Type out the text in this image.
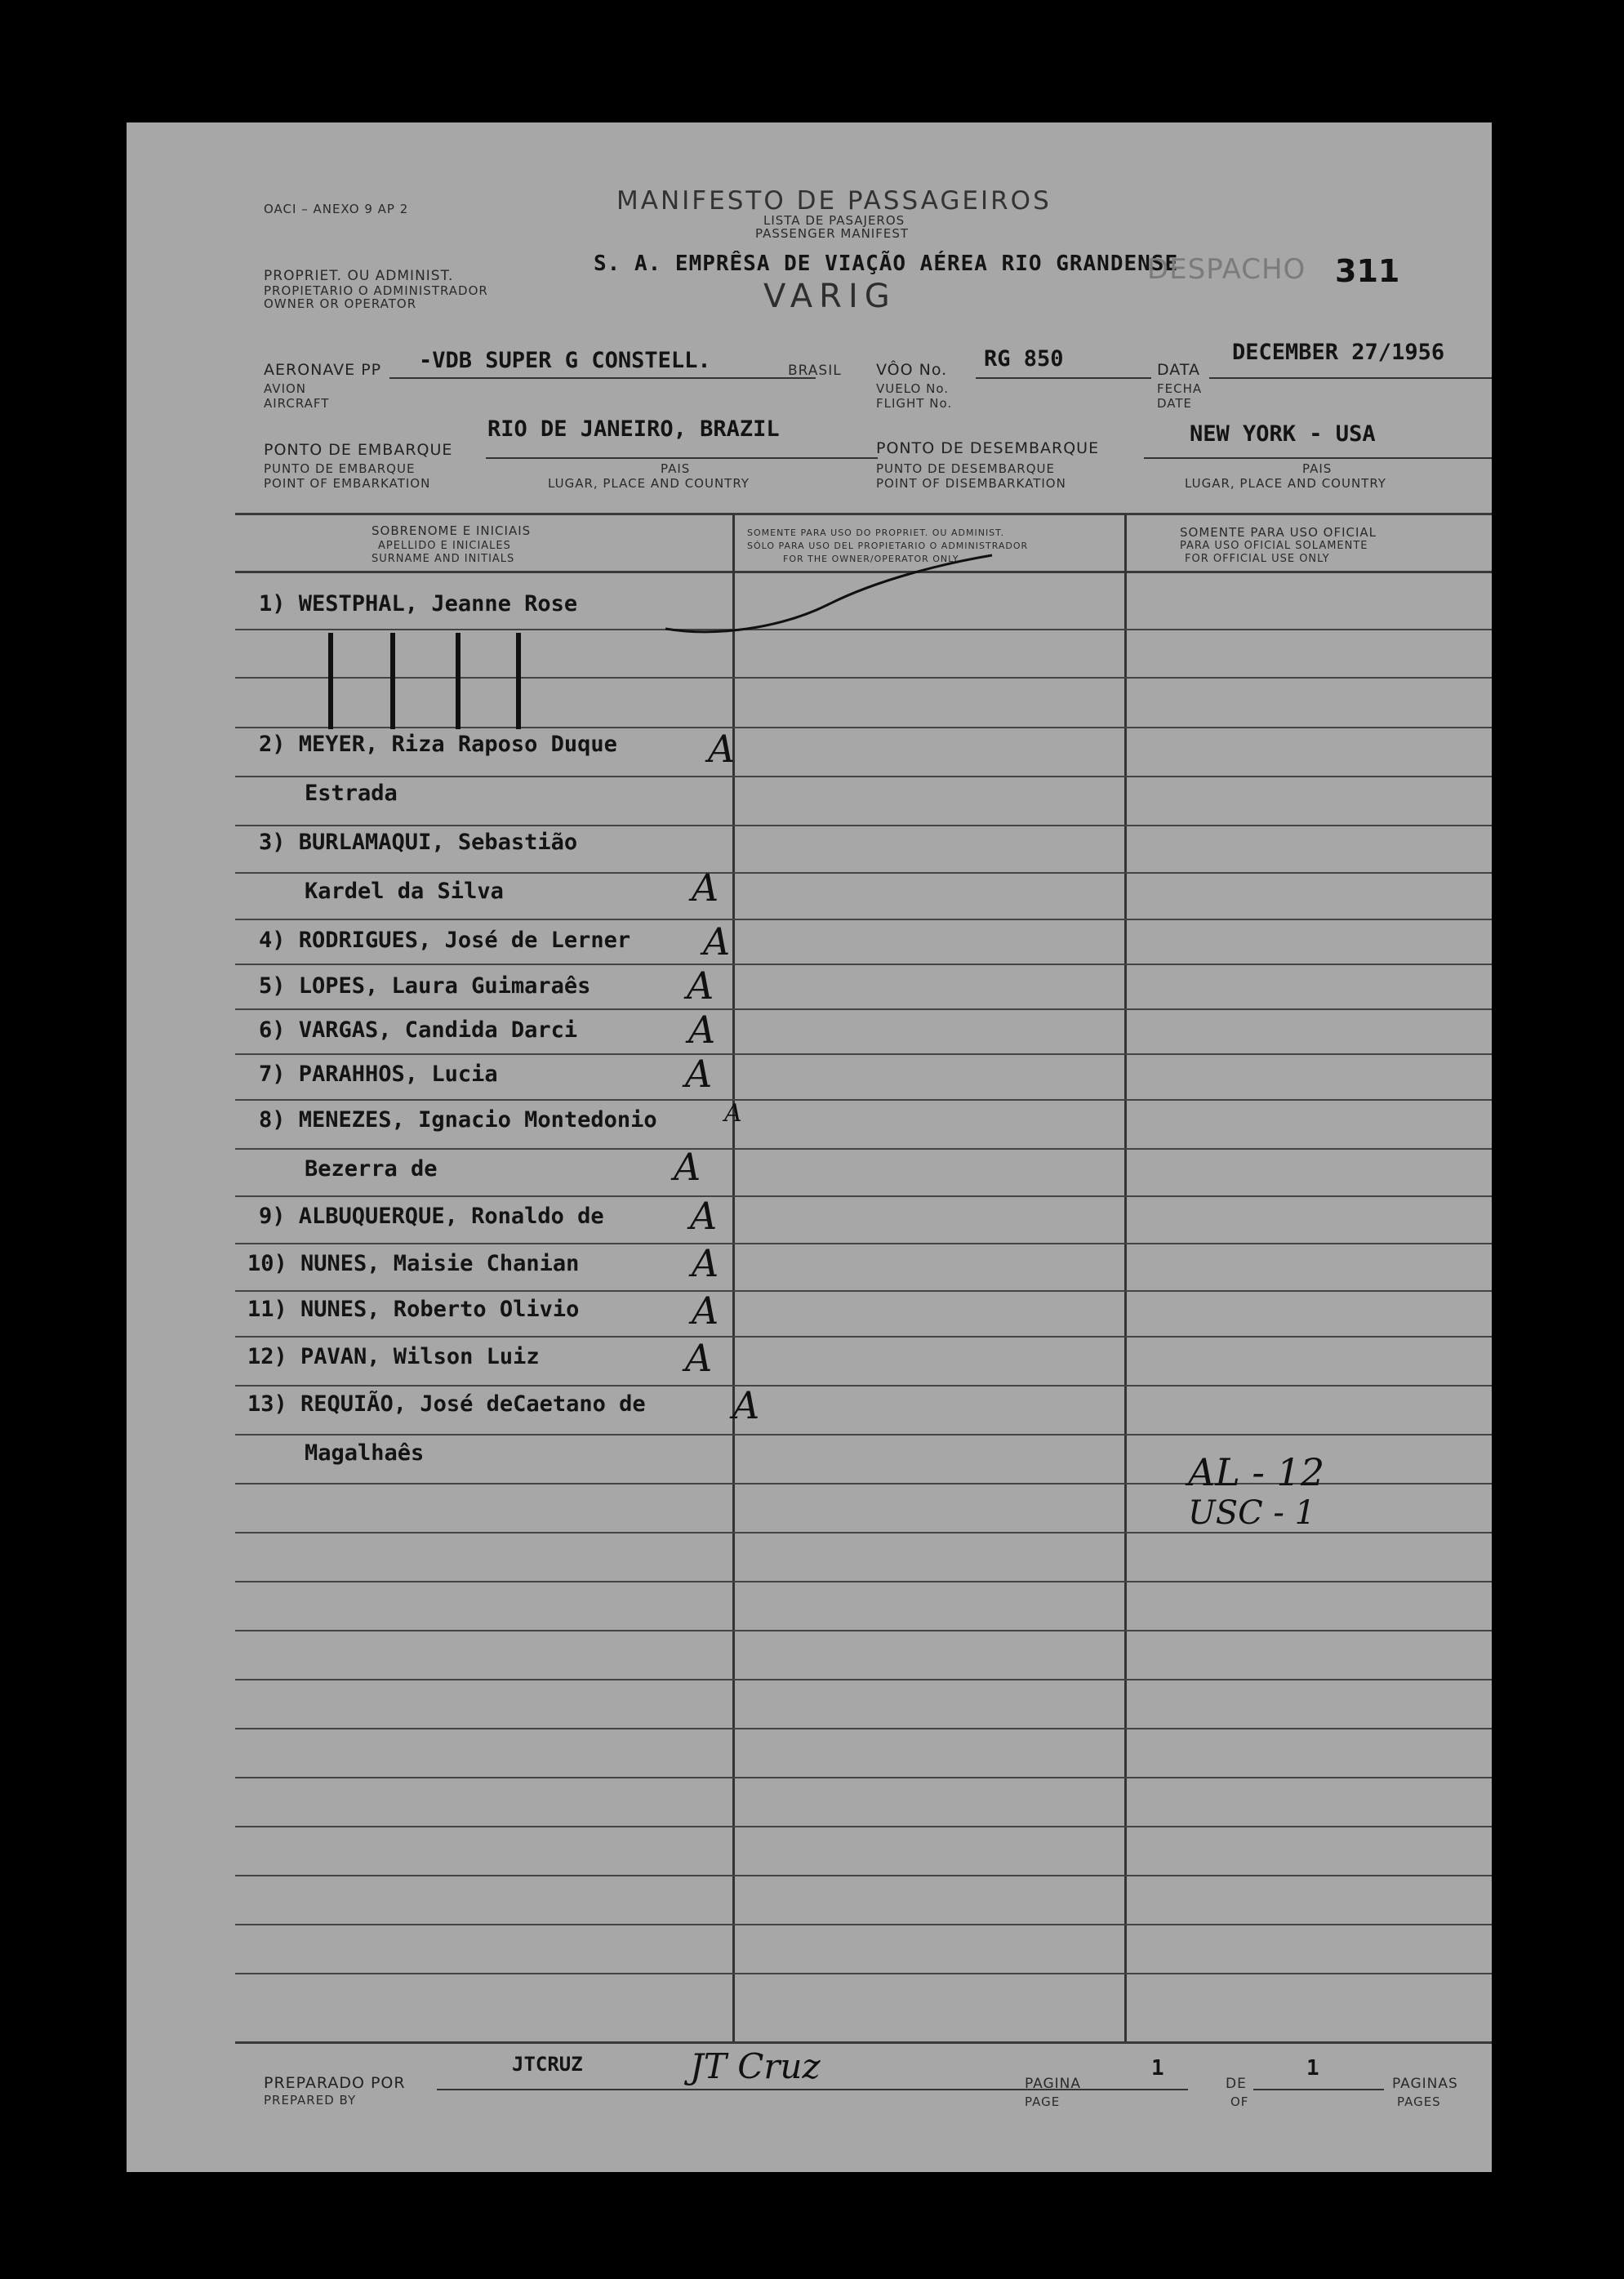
OACI – ANEXO 9 AP 2	MANIFESTO DE PASSAGEIROS
LISTA DE PASAJEROS
PASSENGER MANIFEST
PROPRIET. OU ADMINIST.
PROPIETARIO O ADMINISTRADOR
OWNER OR OPERATOR
S. A. EMPRÊSA DE VIAÇÃO AÉREA RIO GRANDENSE
VARIG
DESPACHO 311
AERONAVE PP
AVION
AIRCRAFT
-VDB SUPER G CONSTELL.	BRASIL VÔO No.
VUELO No.
FLIGHT No.
RG 850	DATA
FECHA
DATE
DECEMBER 27/1956
PONTO DE EMBARQUE
PUNTO DE EMBARQUE
POINT OF EMBARKATION
RIO DE JANEIRO, BRAZIL
PAIS
LUGAR, PLACE AND COUNTRY
PONTO DE DESEMBARQUE
PUNTO DE DESEMBARQUE
POINT OF DISEMBARKATION
NEW YORK - USA
PAIS
LUGAR, PLACE AND COUNTRY
SOBRENOME E INICIAIS
APELLIDO E INICIALES
SURNAME AND INITIALS
SOMENTE PARA USO DO PROPRIET. OU ADMINIST.
SÓLO PARA USO DEL PROPIETARIO O ADMINISTRADOR
FOR THE OWNER/OPERATOR ONLY
SOMENTE PARA USO OFICIAL
PARA USO OFICIAL SOLAMENTE
FOR OFFICIAL USE ONLY
1) WESTPHAL, Jeanne Rose
2) MEYER, Riza Raposo Duque A
Estrada
3) BURLAMAQUI, Sebastião
Kardel da Silva	A
4) RODRIGUES, José de Lerner A
5) LOPES, Laura Guimaraês	A
6) VARGAS, Candida Darci	A
7) PARAHHOS, Lucia	A
8) MENEZES, Ignacio Montedonio	A
Bezerra de	A
9) ALBUQUERQUE, Ronaldo de A
10) NUNES, Maisie Chanian	A
11) NUNES, Roberto Olivio	A
12) PAVAN, Wilson Luiz	A
13) REQUIÃO, José deCaetano de A
Magalhaês	AL - 12
USC - 1
PREPARADO POR
PREPARED BY
JTCRUZ	JT Cruz	PAGINA
PAGE
1
DE
OF
1
PAGINAS
PAGES
